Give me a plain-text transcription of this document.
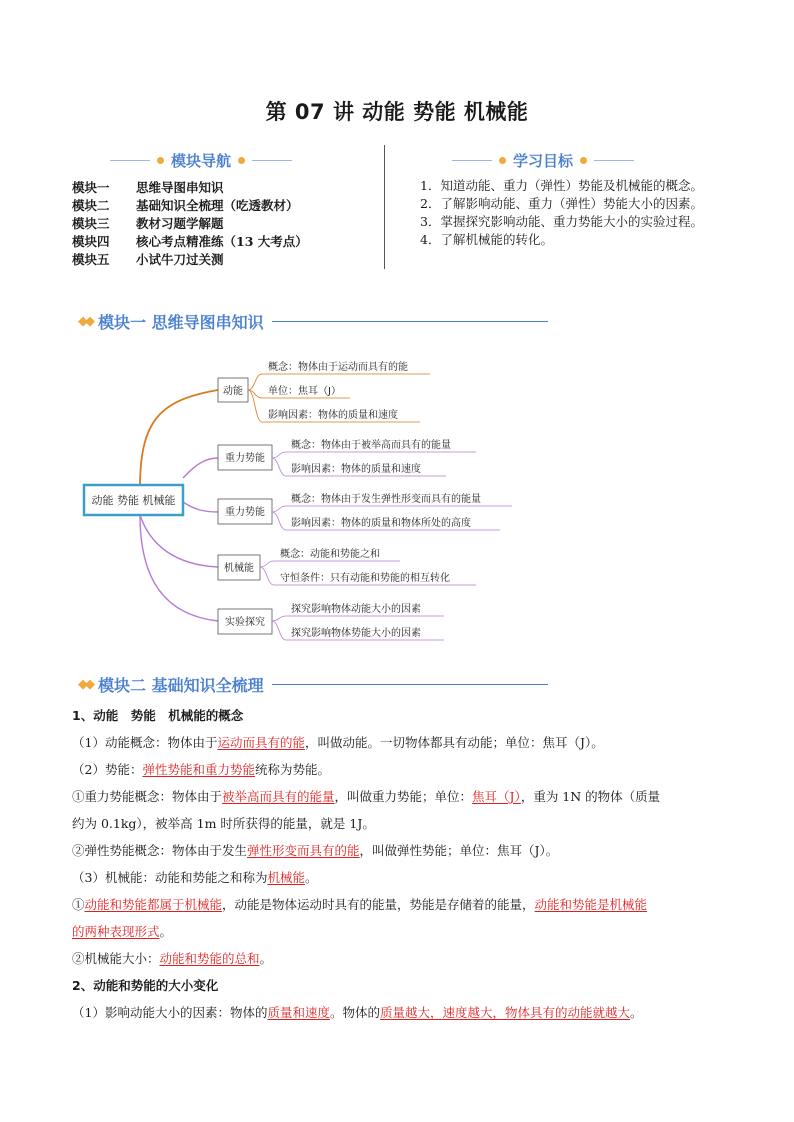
第 07 讲 动能 势能 机械能
模块导航
模块一	思维导图串知识
模块二	基础知识全梳理（吃透教材）
模块三	教材习题学解题
模块四	核心考点精准练（13 大考点）
模块五	小试牛刀过关测
学习目标
1．知道动能、重力（弹性）势能及机械能的概念。
2．了解影响动能、重力（弹性）势能大小的因素。
3．掌握探究影响动能、重力势能大小的实验过程。
4．了解机械能的转化。
◆◆ 模块一 思维导图串知识
动能 势能 机械能
动能
概念：物体由于运动而具有的能
单位：焦耳（J）
影响因素：物体的质量和速度
重力势能
概念：物体由于被举高而具有的能量
影响因素：物体的质量和速度
重力势能
概念：物体由于发生弹性形变而具有的能量
影响因素：物体的质量和物体所处的高度
机械能
概念：动能和势能之和
守恒条件：只有动能和势能的相互转化
实验探究
探究影响物体动能大小的因素
探究影响物体势能大小的因素
◆◆ 模块二 基础知识全梳理

1、动能　势能　机械能的概念

（1）动能概念：物体由于运动而具有的能，叫做动能。一切物体都具有动能；单位：焦耳（J）。

（2）势能：弹性势能和重力势能统称为势能。

①重力势能概念：物体由于被举高而具有的能量，叫做重力势能；单位：焦耳（J），重为 1N 的物体（质量

约为 0.1kg），被举高 1m 时所获得的能量，就是 1J。

②弹性势能概念：物体由于发生弹性形变而具有的能，叫做弹性势能；单位：焦耳（J）。

（3）机械能：动能和势能之和称为机械能。

①动能和势能都属于机械能，动能是物体运动时具有的能量，势能是存储着的能量，动能和势能是机械能

的两种表现形式。

②机械能大小：动能和势能的总和。

2、动能和势能的大小变化

（1）影响动能大小的因素：物体的质量和速度。物体的质量越大，速度越大，物体具有的动能就越大。
